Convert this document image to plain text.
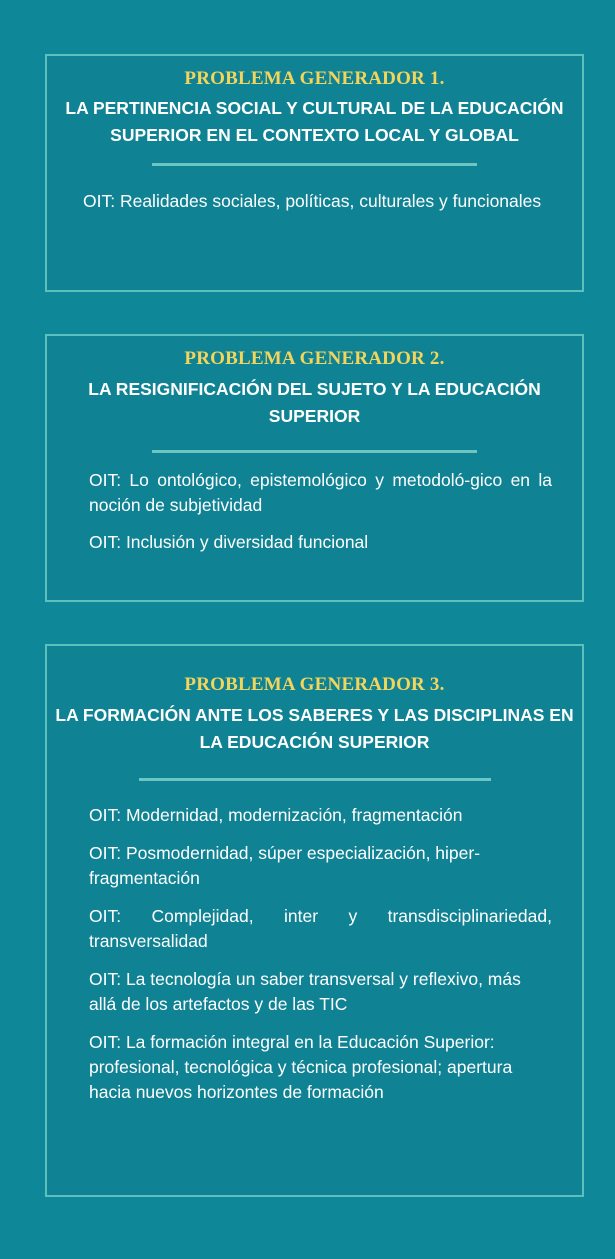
PROBLEMA GENERADOR 1.
LA PERTINENCIA SOCIAL Y CULTURAL DE LA EDUCACIÓN SUPERIOR EN EL CONTEXTO LOCAL Y GLOBAL

OIT: Realidades sociales, políticas, culturales y funcionales

PROBLEMA GENERADOR 2.
LA RESIGNIFICACIÓN DEL SUJETO Y LA EDUCACIÓN SUPERIOR

OIT: Lo ontológico, epistemológico y metodoló-gico en la noción de subjetividad

OIT: Inclusión y diversidad funcional

PROBLEMA GENERADOR 3.
LA FORMACIÓN ANTE LOS SABERES Y LAS DISCIPLINAS EN LA EDUCACIÓN SUPERIOR

OIT: Modernidad, modernización, fragmentación

OIT: Posmodernidad, súper especialización, hiper-fragmentación

OIT: Complejidad, inter y transdisciplinariedad, transversalidad

OIT: La tecnología un saber transversal y reflexivo, más allá de los artefactos y de las TIC

OIT: La formación integral en la Educación Superior: profesional, tecnológica y técnica profesional; apertura hacia nuevos horizontes de formación
